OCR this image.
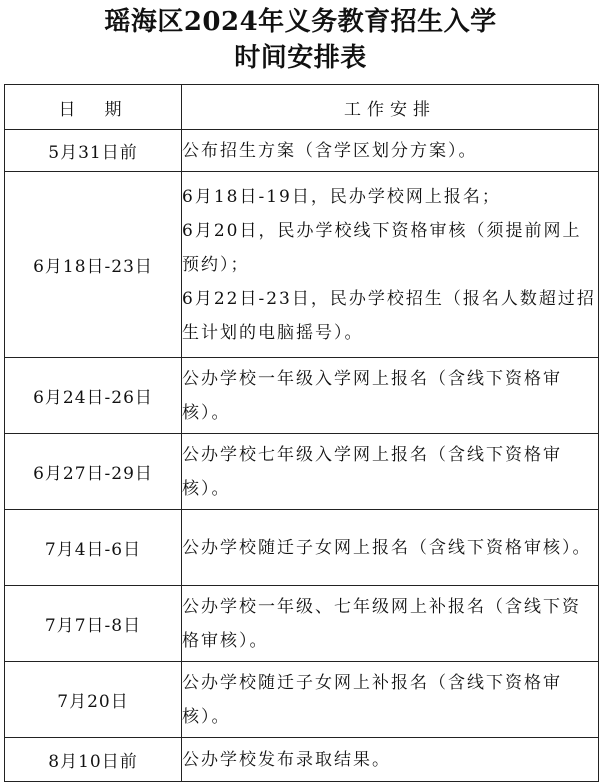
瑶海区2024年义务教育招生入学
时间安排表
日　期	工作安排
5月31日前	公布招生方案（含学区划分方案）。

6月18日-23日	6月18日-19日，民办学校网上报名；

6月20日，民办学校线下资格审核（须提前网上预约）；

6月22日-23日，民办学校招生（报名人数超过招生计划的电脑摇号）。

6月24日-26日	公办学校一年级入学网上报名（含线下资格审核）。

6月27日-29日	公办学校七年级入学网上报名（含线下资格审核）。

7月4日-6日	公办学校随迁子女网上报名（含线下资格审核）。

7月7日-8日	公办学校一年级、七年级网上补报名（含线下资格审核）。

7月20日	公办学校随迁子女网上补报名（含线下资格审核）。

8月10日前	公办学校发布录取结果。
